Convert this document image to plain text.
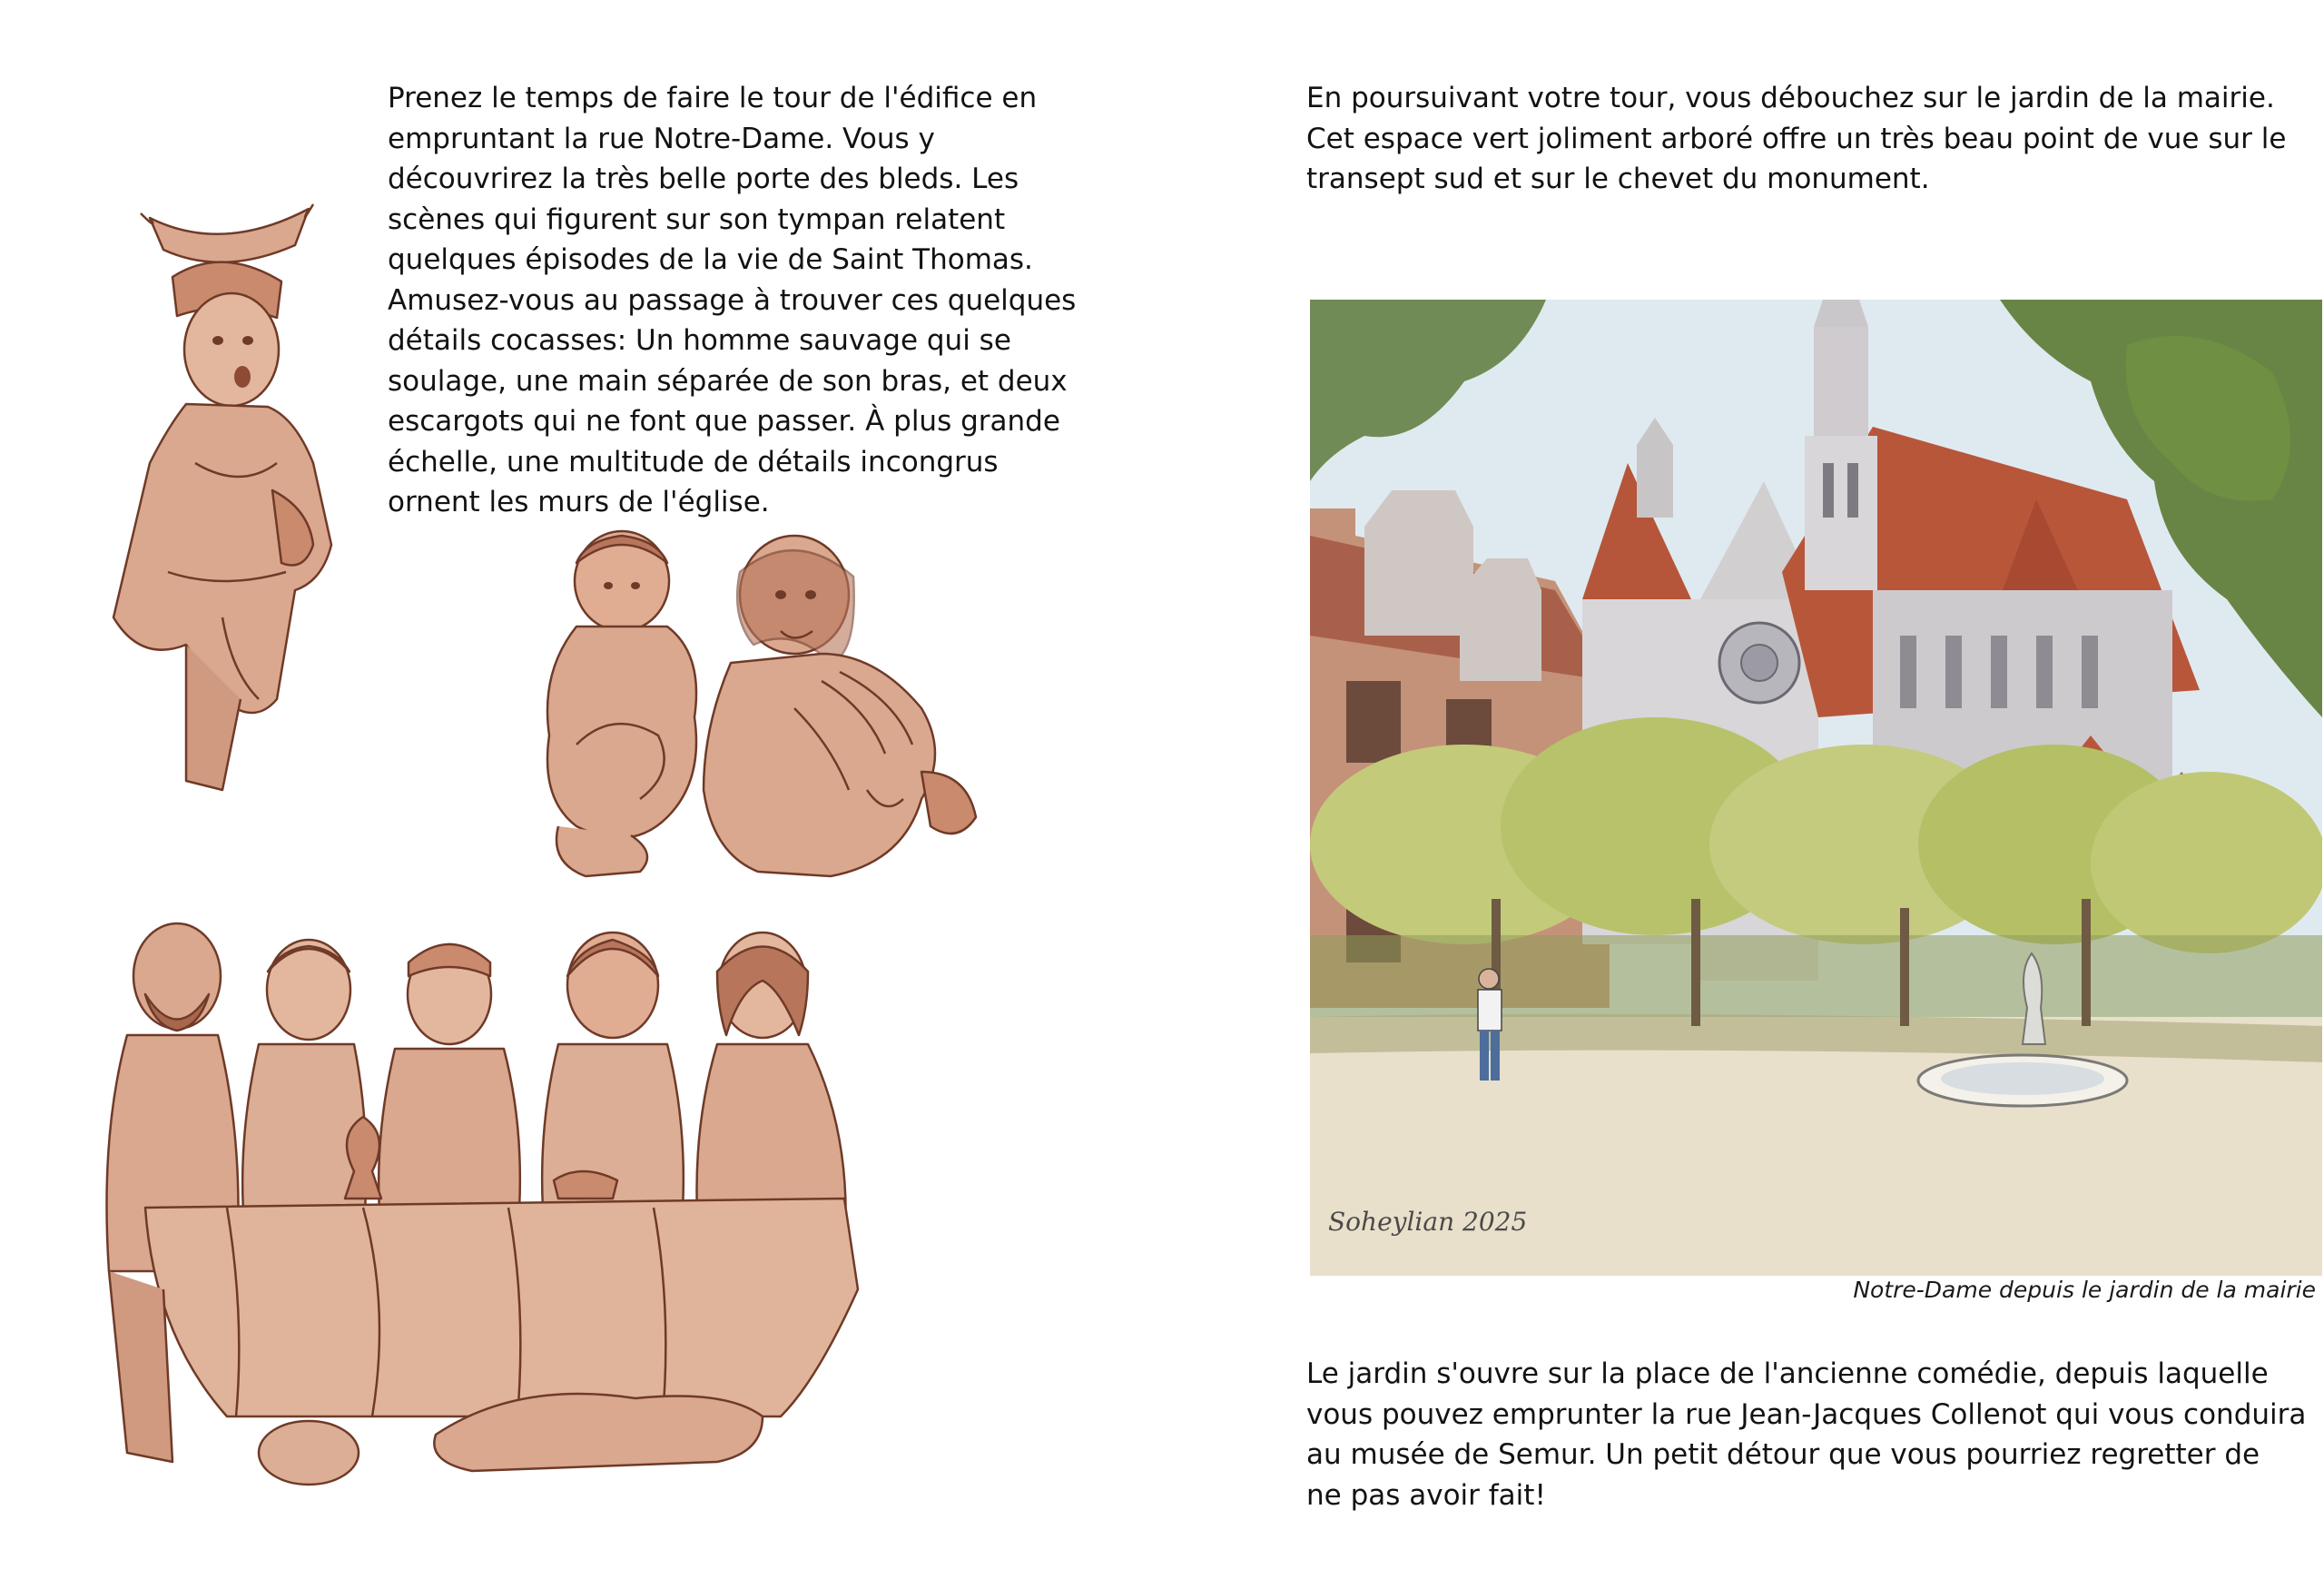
Prenez le temps de faire le tour de l'édifice en
empruntant la rue Notre-Dame. Vous y
découvrirez la très belle porte des bleds. Les
scènes qui figurent sur son tympan relatent
quelques épisodes de la vie de Saint Thomas.
Amusez-vous au passage à trouver ces quelques
détails cocasses: Un homme sauvage qui se
soulage, une main séparée de son bras, et deux
escargots qui ne font que passer. À plus grande
échelle, une multitude de détails incongrus
ornent les murs de l'église.
En poursuivant votre tour, vous débouchez sur le jardin de la mairie.
Cet espace vert joliment arboré offre un très beau point de vue sur le
transept sud et sur le chevet du monument.
Soheylian 2025

Notre-Dame depuis le jardin de la mairie

Le jardin s'ouvre sur la place de l'ancienne comédie, depuis laquelle
vous pouvez emprunter la rue Jean-Jacques Collenot qui vous conduira
au musée de Semur. Un petit détour que vous pourriez regretter de
ne pas avoir fait!
